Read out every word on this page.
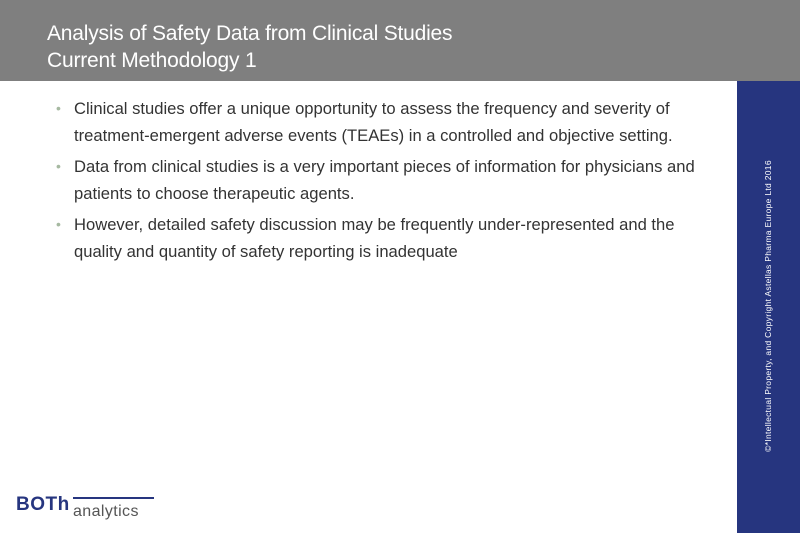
Analysis of Safety Data from Clinical Studies
Current Methodology 1
• Clinical studies offer a unique opportunity to assess the frequency and severity of treatment-emergent adverse events (TEAEs) in a controlled and objective setting.
• Data from clinical studies is a very important pieces of information for physicians and patients to choose therapeutic agents.
• However, detailed safety discussion may be frequently under-represented and the quality and quantity of safety reporting is inadequate	©*Intellectual Property, and Copyright Astellas Pharma Europe Ltd 2016
BOTh analytics
